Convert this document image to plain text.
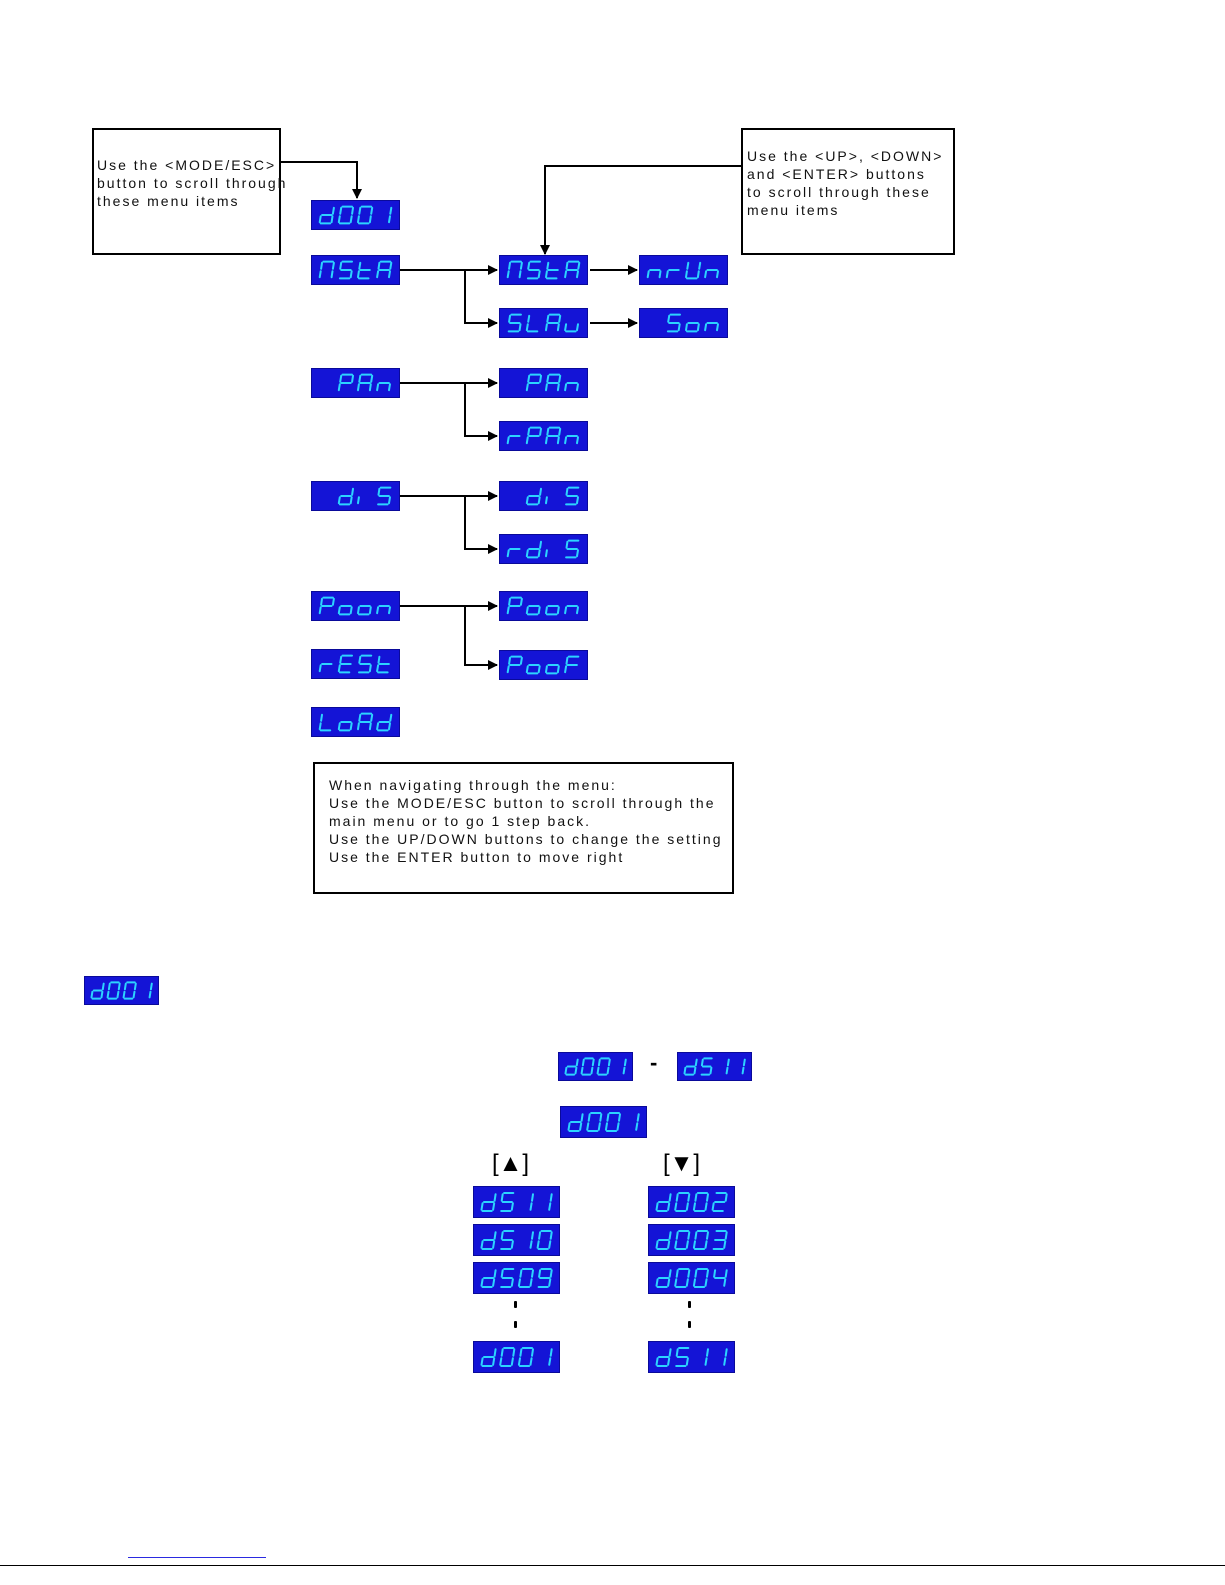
Use the <MODE/ESC>
button to scroll through
these menu items
Use the <UP>, <DOWN>
and <ENTER> buttons
to scroll through these
menu items
When navigating through the menu:
Use the MODE/ESC button to scroll through the
main menu or to go 1 step back.
Use the UP/DOWN buttons to change the setting
Use the ENTER button to move right
-
[▲]	[▼]
